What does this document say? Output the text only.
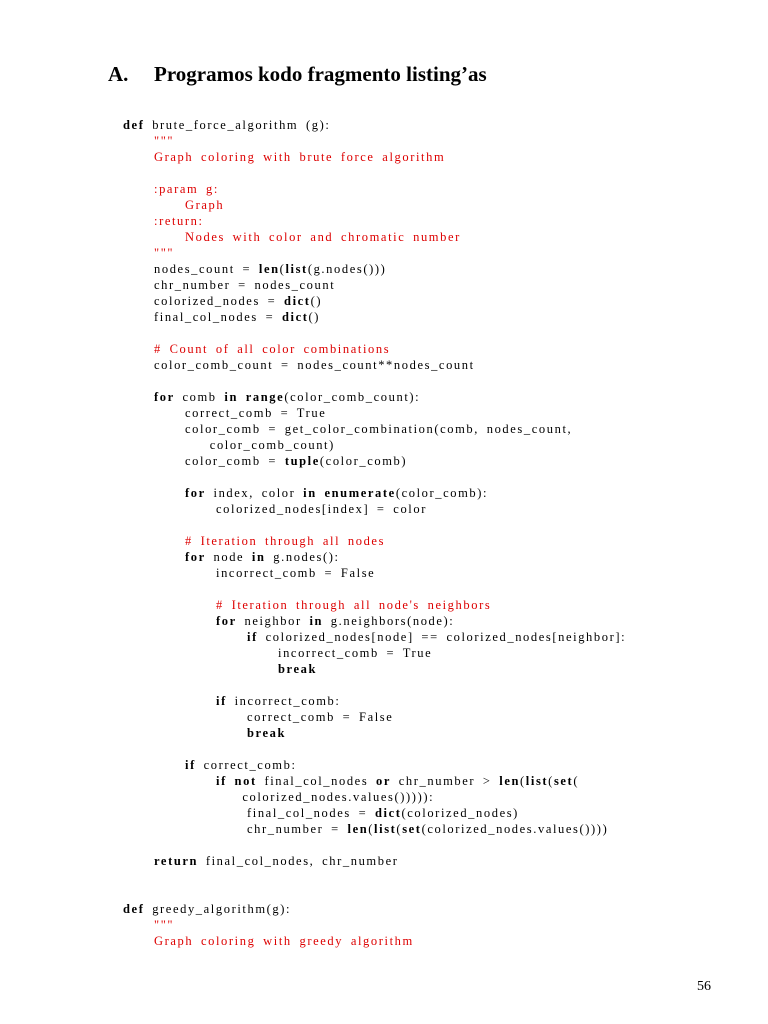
A. Programos kodo fragmento listing’as
def brute_force_algorithm (g):
"""
Graph coloring with brute force algorithm
:param g:
Graph
:return:
Nodes with color and chromatic number
"""
nodes_count = len(list(g.nodes()))
chr_number = nodes_count
colorized_nodes = dict()
final_col_nodes = dict()
# Count of all color combinations
color_comb_count = nodes_count**nodes_count
for comb in range(color_comb_count):
correct_comb = True
color_comb = get_color_combination(comb, nodes_count,
color_comb_count)
color_comb = tuple(color_comb)
for index, color in enumerate(color_comb):
colorized_nodes[index] = color
# Iteration through all nodes
for node in g.nodes():
incorrect_comb = False
# Iteration through all node's neighbors
for neighbor in g.neighbors(node):
if colorized_nodes[node] == colorized_nodes[neighbor]:
incorrect_comb = True
break
if incorrect_comb:
correct_comb = False
break
if correct_comb:
if not final_col_nodes or chr_number > len(list(set(
colorized_nodes.values())))):
final_col_nodes = dict(colorized_nodes)
chr_number = len(list(set(colorized_nodes.values())))
return final_col_nodes, chr_number
def greedy_algorithm(g):
"""
Graph coloring with greedy algorithm
56
